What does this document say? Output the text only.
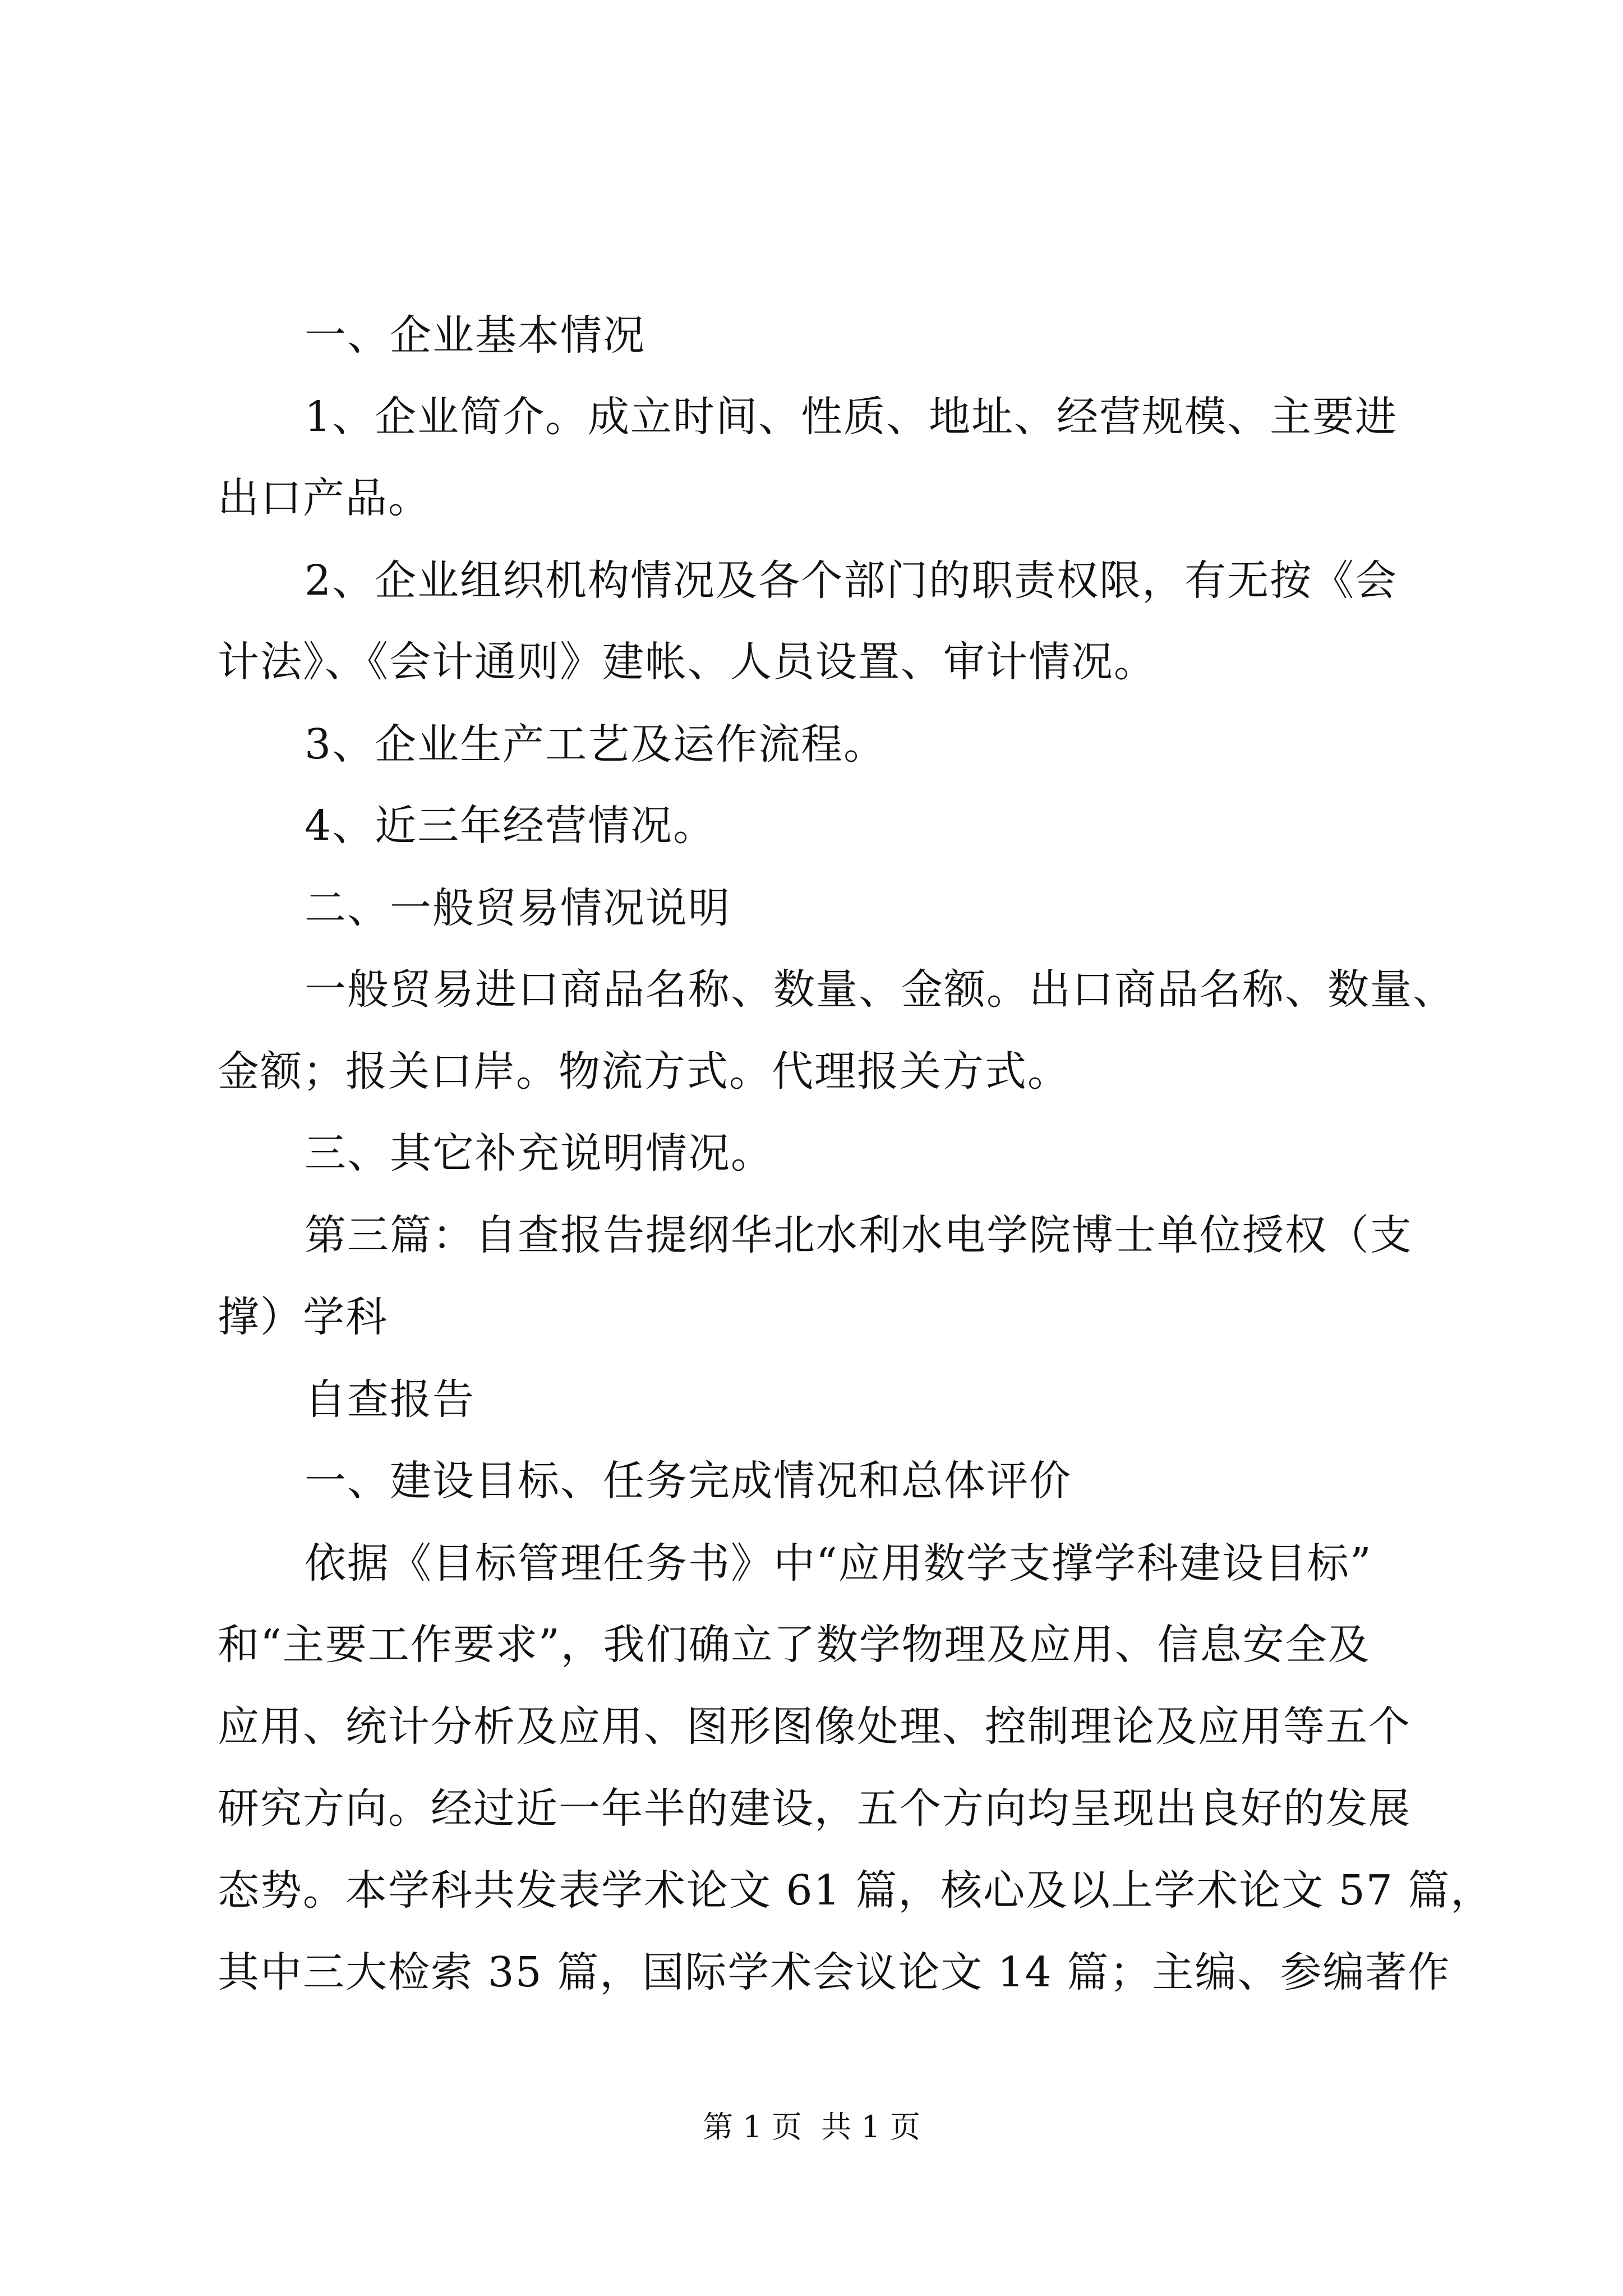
一、企业基本情况
1、企业简介。成立时间、性质、地址、经营规模、主要进
出口产品。
2、企业组织机构情况及各个部门的职责权限，有无按《会
计法》、《会计通则》建帐、人员设置、审计情况。
3、企业生产工艺及运作流程。
4、近三年经营情况。
二、一般贸易情况说明
一般贸易进口商品名称、数量、金额。出口商品名称、数量、
金额；报关口岸。物流方式。代理报关方式。
三、其它补充说明情况。
第三篇：自查报告提纲华北水利水电学院博士单位授权（支
撑）学科
自查报告
一、建设目标、任务完成情况和总体评价
依据《目标管理任务书》中“应用数学支撑学科建设目标”
和“主要工作要求”，我们确立了数学物理及应用、信息安全及
应用、统计分析及应用、图形图像处理、控制理论及应用等五个
研究方向。经过近一年半的建设，五个方向均呈现出良好的发展
态势。本学科共发表学术论文 61 篇，核心及以上学术论文 57 篇，
其中三大检索 35 篇，国际学术会议论文 14 篇；主编、参编著作
第 1 页  共 1 页
